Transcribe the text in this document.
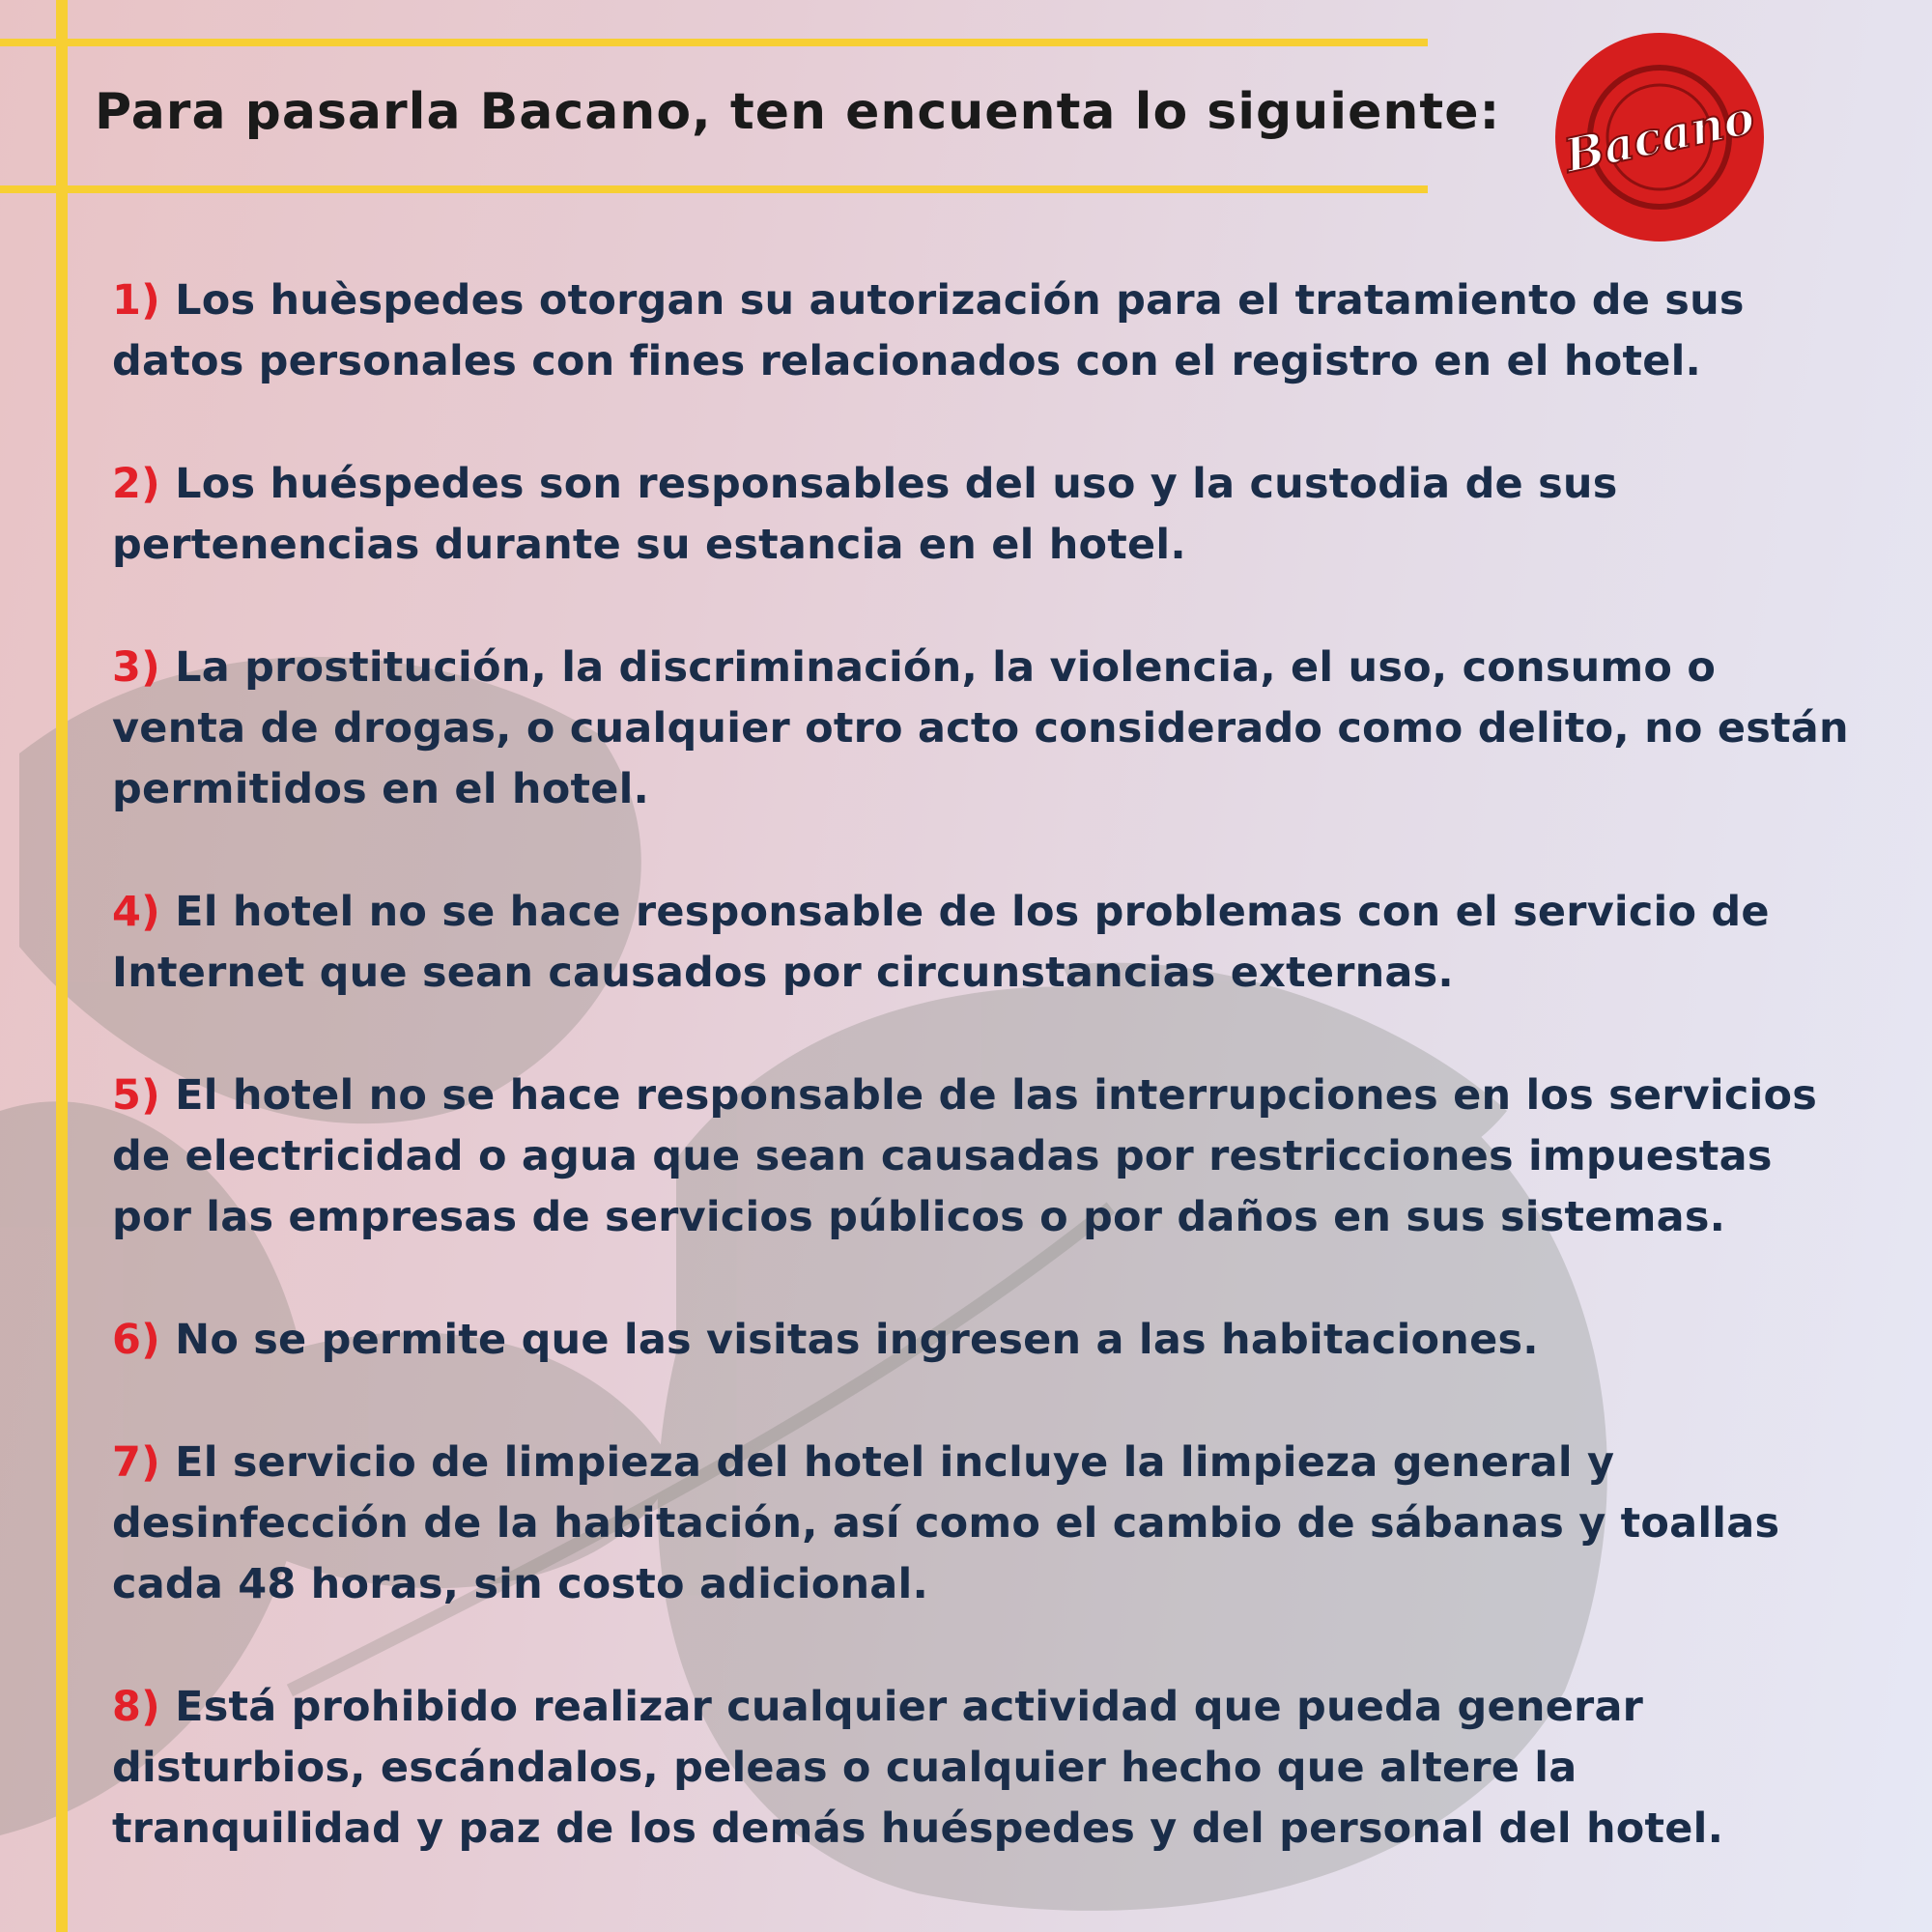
Para pasarla Bacano, ten encuenta lo siguiente: Bacano

1) Los huèspedes otorgan su autorización para el tratamiento de sus datos personales con fines relacionados con el registro en el hotel.

2) Los huéspedes son responsables del uso y la custodia de sus pertenencias durante su estancia en el hotel.

3) La prostitución, la discriminación, la violencia, el uso, consumo o venta de drogas, o cualquier otro acto considerado como delito, no están permitidos en el hotel.

4) El hotel no se hace responsable de los problemas con el servicio de Internet que sean causados por circunstancias externas.

5) El hotel no se hace responsable de las interrupciones en los servicios de electricidad o agua que sean causadas por restricciones impuestas por las empresas de servicios públicos o por daños en sus sistemas.

6) No se permite que las visitas ingresen a las habitaciones.

7) El servicio de limpieza del hotel incluye la limpieza general y desinfección de la habitación, así como el cambio de sábanas y toallas cada 48 horas, sin costo adicional.

8) Está prohibido realizar cualquier actividad que pueda generar disturbios, escándalos, peleas o cualquier hecho que altere la tranquilidad y paz de los demás huéspedes y del personal del hotel.
